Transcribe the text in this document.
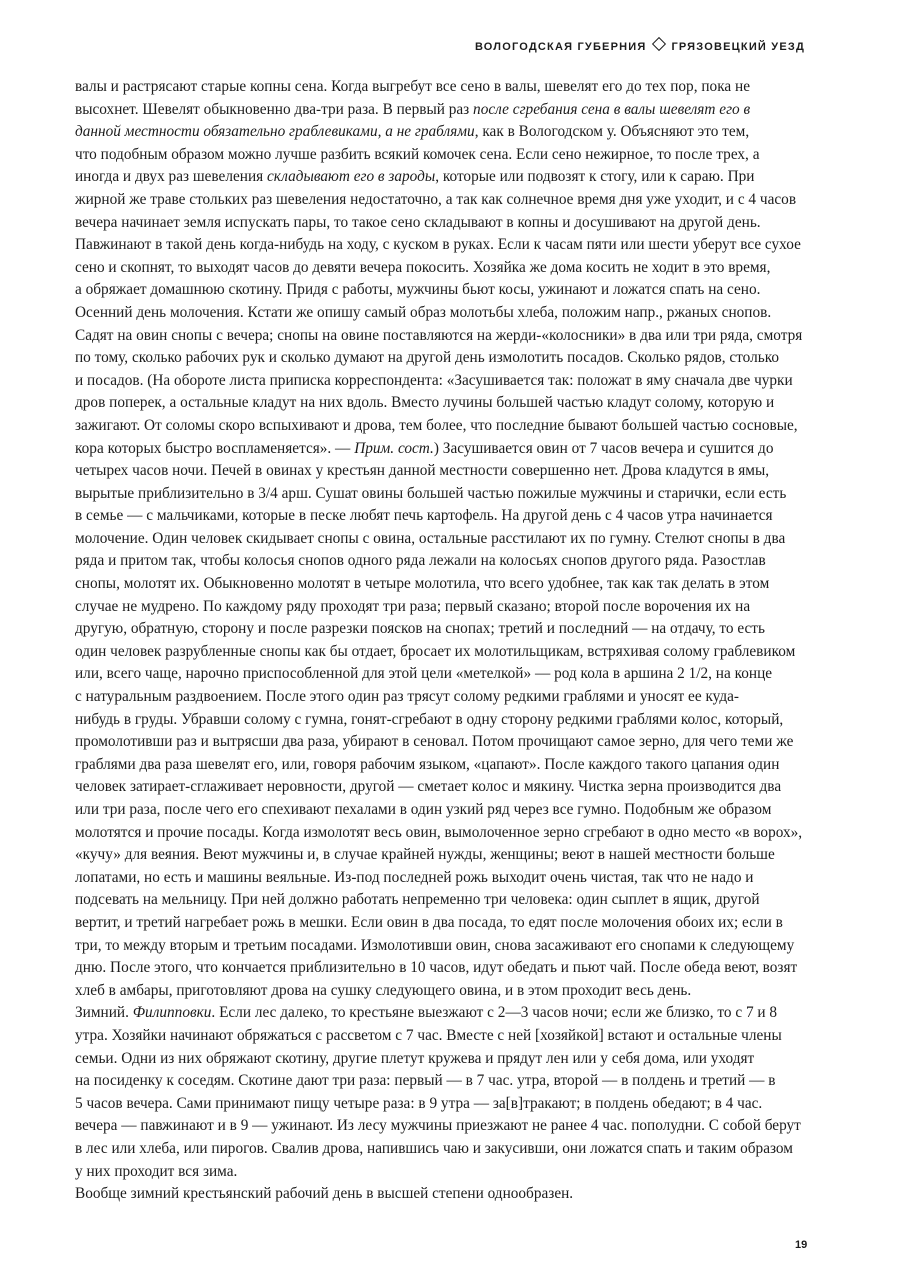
ВОЛОГОДСКАЯ ГУБЕРНИЯ ГРЯЗОВЕЦКИЙ УЕЗД
валы и растрясают старые копны сена. Когда выгребут все сено в валы, шевелят его до тех пор, пока не
высохнет. Шевелят обыкновенно два-три раза. В первый раз после сгребания сена в валы шевелят его в
данной местности обязательно граблевиками, а не граблями, как в Вологодском у. Объясняют это тем,
что подобным образом можно лучше разбить всякий комочек сена. Если сено нежирное, то после трех, а
иногда и двух раз шевеления складывают его в зароды, которые или подвозят к стогу, или к сараю. При
жирной же траве стольких раз шевеления недостаточно, а так как солнечное время дня уже уходит, и с 4 часов
вечера начинает земля испускать пары, то такое сено складывают в копны и досушивают на другой день.
Павжинают в такой день когда-нибудь на ходу, с куском в руках. Если к часам пяти или шести уберут все сухое
сено и скопнят, то выходят часов до девяти вечера покосить. Хозяйка же дома косить не ходит в это время,
а обряжает домашнюю скотину. Придя с работы, мужчины бьют косы, ужинают и ложатся спать на сено.
Осенний день молочения. Кстати же опишу самый образ молотьбы хлеба, положим напр., ржаных снопов.
Садят на овин снопы с вечера; снопы на овине поставляются на жерди-«колосники» в два или три ряда, смотря
по тому, сколько рабочих рук и сколько думают на другой день измолотить посадов. Сколько рядов, столько
и посадов. (На обороте листа приписка корреспондента: «Засушивается так: положат в яму сначала две чурки
дров поперек, а остальные кладут на них вдоль. Вместо лучины большей частью кладут солому, которую и
зажигают. От соломы скоро вспыхивают и дрова, тем более, что последние бывают большей частью сосновые,
кора которых быстро воспламеняется». — Прим. сост.) Засушивается овин от 7 часов вечера и сушится до
четырех часов ночи. Печей в овинах у крестьян данной местности совершенно нет. Дрова кладутся в ямы,
вырытые приблизительно в 3/4 арш. Сушат овины большей частью пожилые мужчины и старички, если есть
в семье — с мальчиками, которые в песке любят печь картофель. На другой день с 4 часов утра начинается
молочение. Один человек скидывает снопы с овина, остальные расстилают их по гумну. Стелют снопы в два
ряда и притом так, чтобы колосья снопов одного ряда лежали на колосьях снопов другого ряда. Разостлав
снопы, молотят их. Обыкновенно молотят в четыре молотила, что всего удобнее, так как так делать в этом
случае не мудрено. По каждому ряду проходят три раза; первый сказано; второй после ворочения их на
другую, обратную, сторону и после разрезки поясков на снопах; третий и последний — на отдачу, то есть
один человек разрубленные снопы как бы отдает, бросает их молотильщикам, встряхивая солому граблевиком
или, всего чаще, нарочно приспособленной для этой цели «метелкой» — род кола в аршина 2 1/2, на конце
с натуральным раздвоением. После этого один раз трясут солому редкими граблями и уносят ее куда-
нибудь в груды. Убравши солому с гумна, гонят-сгребают в одну сторону редкими граблями колос, который,
промолотивши раз и вытрясши два раза, убирают в сеновал. Потом прочищают самое зерно, для чего теми же
граблями два раза шевелят его, или, говоря рабочим языком, «цапают». После каждого такого цапания один
человек затирает-сглаживает неровности, другой — сметает колос и мякину. Чистка зерна производится два
или три раза, после чего его спехивают пехалами в один узкий ряд через все гумно. Подобным же образом
молотятся и прочие посады. Когда измолотят весь овин, вымолоченное зерно сгребают в одно место «в ворох»,
«кучу» для веяния. Веют мужчины и, в случае крайней нужды, женщины; веют в нашей местности больше
лопатами, но есть и машины веяльные. Из-под последней рожь выходит очень чистая, так что не надо и
подсевать на мельницу. При ней должно работать непременно три человека: один сыплет в ящик, другой
вертит, и третий нагребает рожь в мешки. Если овин в два посада, то едят после молочения обоих их; если в
три, то между вторым и третьим посадами. Измолотивши овин, снова засаживают его снопами к следующему
дню. После этого, что кончается приблизительно в 10 часов, идут обедать и пьют чай. После обеда веют, возят
хлеб в амбары, приготовляют дрова на сушку следующего овина, и в этом проходит весь день.
Зимний. Филипповки. Если лес далеко, то крестьяне выезжают с 2—3 часов ночи; если же близко, то с 7 и 8
утра. Хозяйки начинают обряжаться с рассветом с 7 час. Вместе с ней [хозяйкой] встают и остальные члены
семьи. Одни из них обряжают скотину, другие плетут кружева и прядут лен или у себя дома, или уходят
на посиденку к соседям. Скотине дают три раза: первый — в 7 час. утра, второй — в полдень и третий — в
5 часов вечера. Сами принимают пищу четыре раза: в 9 утра — за[в]тракают; в полдень обедают; в 4 час.
вечера — павжинают и в 9 — ужинают. Из лесу мужчины приезжают не ранее 4 час. пополудни. С собой берут
в лес или хлеба, или пирогов. Свалив дрова, напившись чаю и закусивши, они ложатся спать и таким образом
у них проходит вся зима.
Вообще зимний крестьянский рабочий день в высшей степени однообразен.
19
